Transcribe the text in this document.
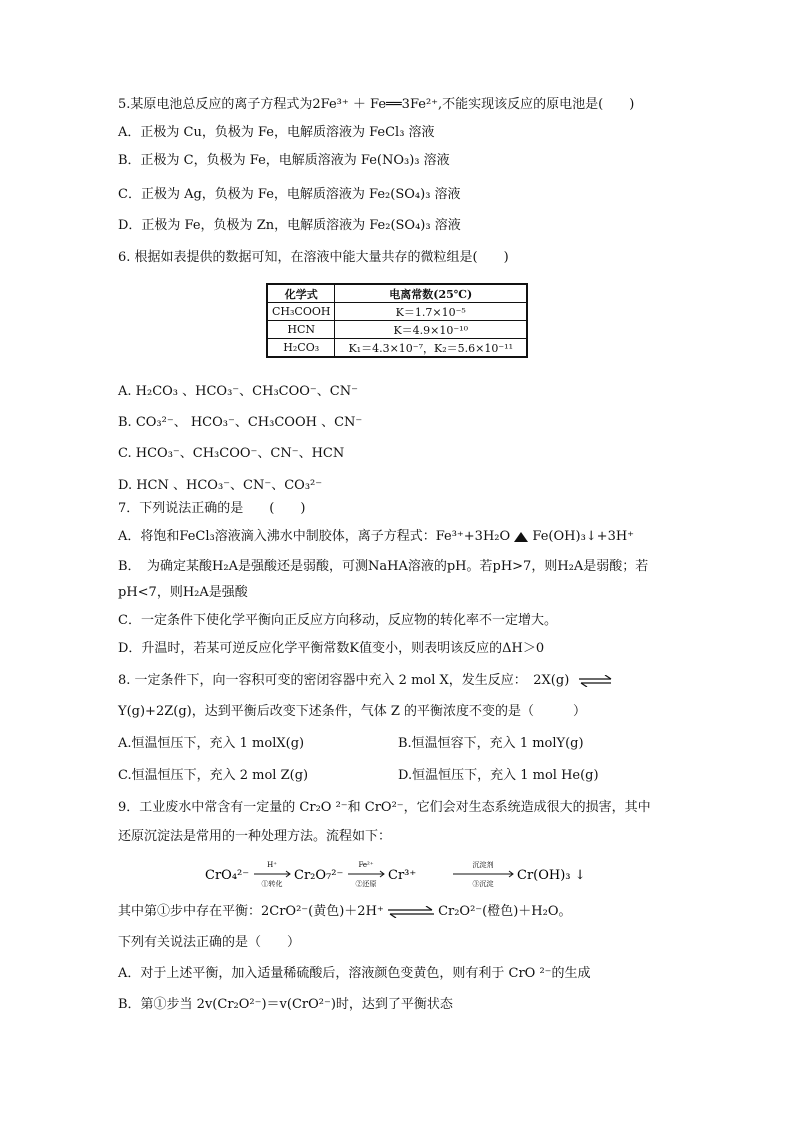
5.某原电池总反应的离子方程式为2Fe³⁺ ＋ Fe══3Fe²⁺,不能实现该反应的原电池是(　　)
A．正极为 Cu，负极为 Fe，电解质溶液为 FeCl₃ 溶液
B．正极为 C，负极为 Fe，电解质溶液为 Fe(NO₃)₃ 溶液
C．正极为 Ag，负极为 Fe，电解质溶液为 Fe₂(SO₄)₃ 溶液
D．正极为 Fe，负极为 Zn，电解质溶液为 Fe₂(SO₄)₃ 溶液
6. 根据如表提供的数据可知，在溶液中能大量共存的微粒组是(　　)
化学式	电离常数(25℃)
CH₃COOH	K＝1.7×10⁻⁵
HCN	K＝4.9×10⁻¹⁰
H₂CO₃	K₁＝4.3×10⁻⁷，K₂＝5.6×10⁻¹¹
A. H₂CO₃ 、HCO₃⁻、CH₃COO⁻、CN⁻
B. CO₃²⁻、 HCO₃⁻、CH₃COOH 、CN⁻
C. HCO₃⁻、CH₃COO⁻、CN⁻、HCN
D. HCN 、HCO₃⁻、CN⁻、CO₃²⁻
7．下列说法正确的是　　(　　)
A．将饱和FeCl₃溶液滴入沸水中制胶体，离子方程式：Fe³⁺+3H₂O  Fe(OH)₃↓+3H⁺
B．　为确定某酸H₂A是强酸还是弱酸，可测NaHA溶液的pH。若pH>7，则H₂A是弱酸；若
pH<7，则H₂A是强酸
C．一定条件下使化学平衡向正反应方向移动，反应物的转化率不一定增大。
D．升温时，若某可逆反应化学平衡常数K值变小，则表明该反应的ΔH＞0
8. 一定条件下，向一容积可变的密闭容器中充入 2 mol X，发生反应：　2X(g) ⇌
Y(g)+2Z(g)，达到平衡后改变下述条件，气体 Z 的平衡浓度不变的是（　　　）
A.恒温恒压下，充入 1 molX(g)	B.恒温恒容下，充入 1 molY(g)
C.恒温恒压下，充入 2 mol Z(g)	D.恒温恒压下，充入 1 mol He(g)
9．工业废水中常含有一定量的 Cr₂O ²⁻和 CrO²⁻，它们会对生态系统造成很大的损害，其中
还原沉淀法是常用的一种处理方法。流程如下：
CrO₄²⁻
H⁺
①转化
Cr₂O₇²⁻
Fe²⁺
②还原
Cr³⁺
沉淀剂
③沉淀
Cr(OH)₃ ↓
其中第①步中存在平衡：2CrO²⁻(黄色)＋2H⁺ ⇌ Cr₂O²⁻(橙色)＋H₂O。
下列有关说法正确的是（　　）
A．对于上述平衡，加入适量稀硫酸后，溶液颜色变黄色，则有利于 CrO ²⁻的生成
B．第①步当 2v(Cr₂O²⁻)＝v(CrO²⁻)时，达到了平衡状态
